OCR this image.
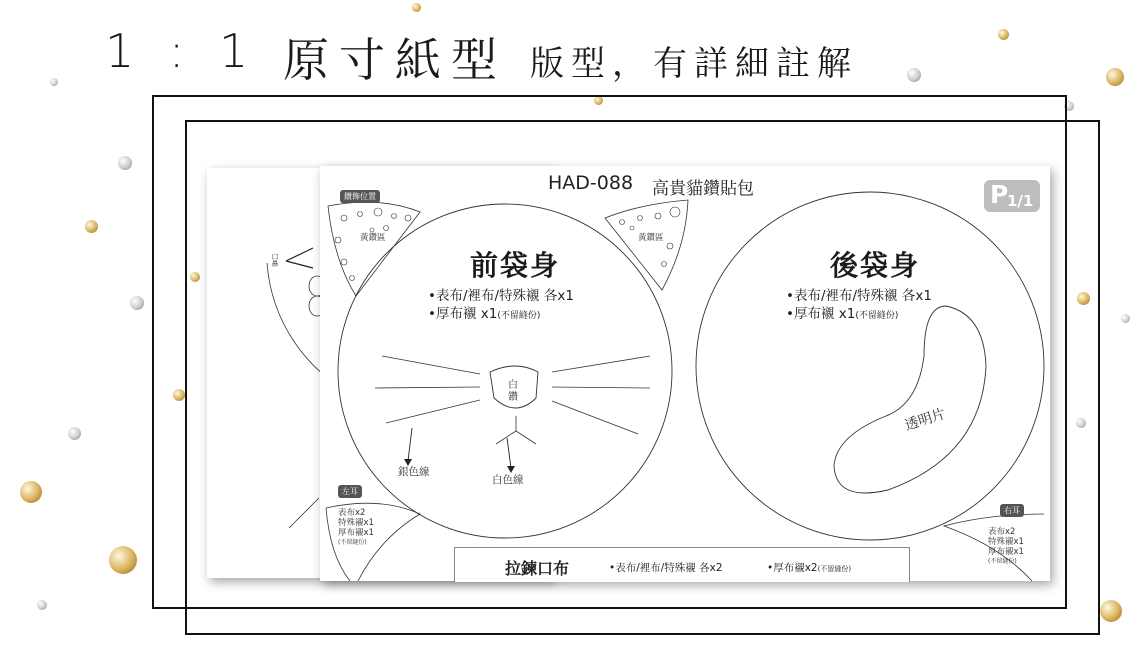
1 : 1 原寸紙型 版型，有詳細註解
口鼻
HAD-088 高貴貓鑽貼包	P
1/1
前袋身
•表布/裡布/特殊襯 各x1
•厚布襯 x1(不留縫份)
白鑽
銀色線
白色線
後袋身
•表布/裡布/特殊襯 各x1
•厚布襯 x1(不留縫份)
透明片
鑽飾位置
黃鑽區	黃鑽區
左耳
表布x2
特殊襯x1
厚布襯x1
(不留縫份)
右耳
表布x2
特殊襯x1
厚布襯x1
(不留縫份)
拉鍊口布	•表布/裡布/特殊襯 各x2	•厚布襯x2(不留縫份)
